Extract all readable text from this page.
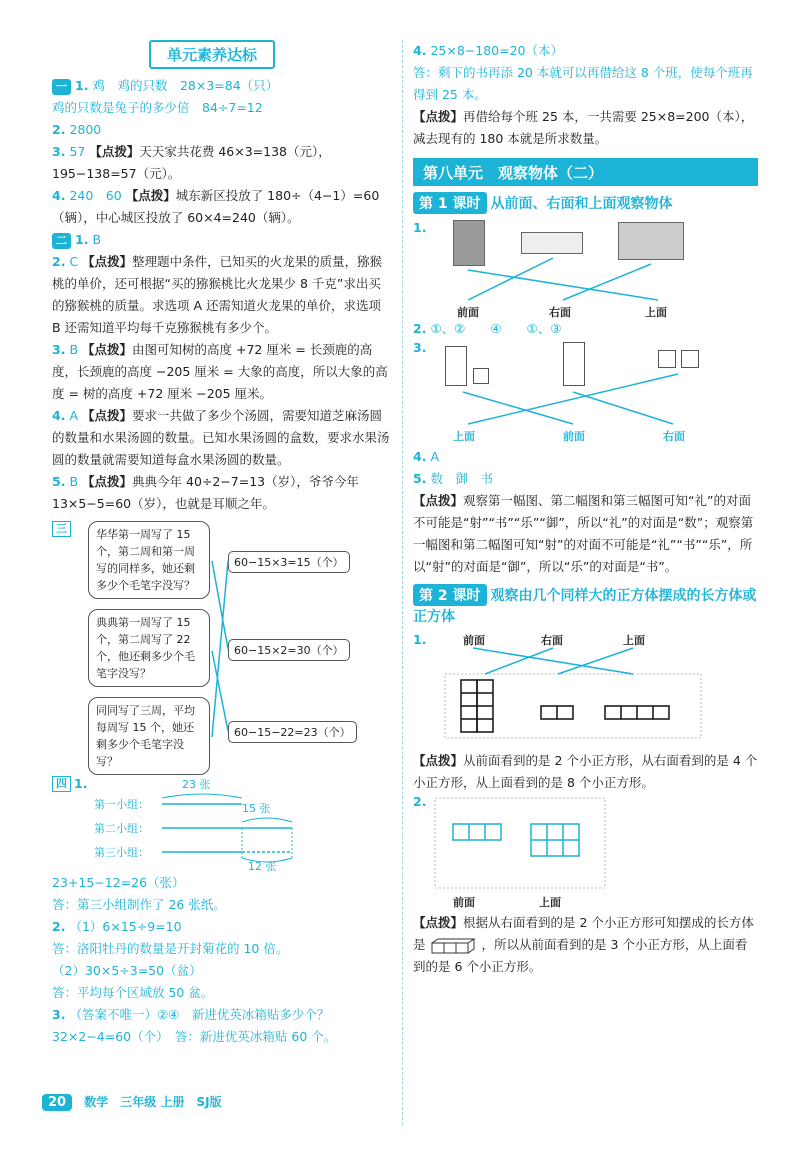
单元素养达标
一 1. 鸡　鸡的只数　28×3=84（只）
鸡的只数是兔子的多少倍　84÷7=12
2. 2800
3. 57 【点拨】天天家共花费 46×3=138（元），195−138=57（元）。
4. 240　60 【点拨】城东新区投放了 180÷（4−1）=60（辆），中心城区投放了 60×4=240（辆）。
二 1. B
2. C 【点拨】整理题中条件，已知买的火龙果的质量，猕猴桃的单价，还可根据“买的猕猴桃比火龙果少 8 千克”求出买的猕猴桃的质量。求选项 A 还需知道火龙果的单价，求选项 B 还需知道平均每千克猕猴桃有多少个。
3. B 【点拨】由图可知树的高度 +72 厘米 = 长颈鹿的高度，长颈鹿的高度 −205 厘米 = 大象的高度，所以大象的高度 = 树的高度 +72 厘米 −205 厘米。
4. A 【点拨】要求一共做了多少个汤圆，需要知道芝麻汤圆的数量和水果汤圆的数量。已知水果汤圆的盒数，要求水果汤圆的数量就需要知道每盒水果汤圆的数量。
5. B 【点拨】典典今年 40÷2−7=13（岁），爷爷今年 13×5−5=60（岁），也就是耳顺之年。
三	华华第一周写了 15 个，第二周和第一周写的同样多，她还剩多少个毛笔字没写？
典典第一周写了 15 个，第二周写了 22 个，他还剩多少个毛笔字没写？
同同写了三周，平均每周写 15 个，她还剩多少个毛笔字没写？
60−15×3=15（个）
60−15×2=30（个）
60−15−22=23（个）
四 1.	23 张
第一小组：	15 张
第二小组：
第三小组：
12 张
23+15−12=26（张）
答：第三小组制作了 26 张纸。
2. （1）6×15÷9=10
答：洛阳牡丹的数量是开封菊花的 10 倍。
（2）30×5÷3=50（盆）
答：平均每个区域放 50 盆。
3. （答案不唯一）②④　新进优英冰箱贴多少个？
32×2−4=60（个）　答：新进优英冰箱贴 60 个。
4. 25×8−180=20（本）
答：剩下的书再添 20 本就可以再借给这 8 个班，使每个班再得到 25 本。
【点拨】再借给每个班 25 本，一共需要 25×8=200（本），减去现有的 180 本就是所求数量。
第八单元　观察物体（二）
第 1 课时 从前面、右面和上面观察物体
1.
前面	右面	上面
2. ①、②　　④　　①、③
3.
上面	前面	右面
4. A
5. 数　御　书
【点拨】观察第一幅图、第二幅图和第三幅图可知“礼”的对面不可能是“射”“书”“乐”“御”，所以“礼”的对面是“数”；观察第一幅图和第二幅图可知“射”的对面不可能是“礼”“书”“乐”，所以“射”的对面是“御”，所以“乐”的对面是“书”。
第 2 课时 观察由几个同样大的正方体摆成的长方体或正方体
1.	前面	右面	上面
【点拨】从前面看到的是 2 个小正方形，从右面看到的是 4 个小正方形，从上面看到的是 8 个小正方形。
2.
前面	上面
【点拨】根据从右面看到的是 2 个小正方形可知摆成的长方体是	，所以从前面看到的是 3 个小正方形，从上面看到的是 6 个小正方形。
20 数学　三年级 上册　SJ版
